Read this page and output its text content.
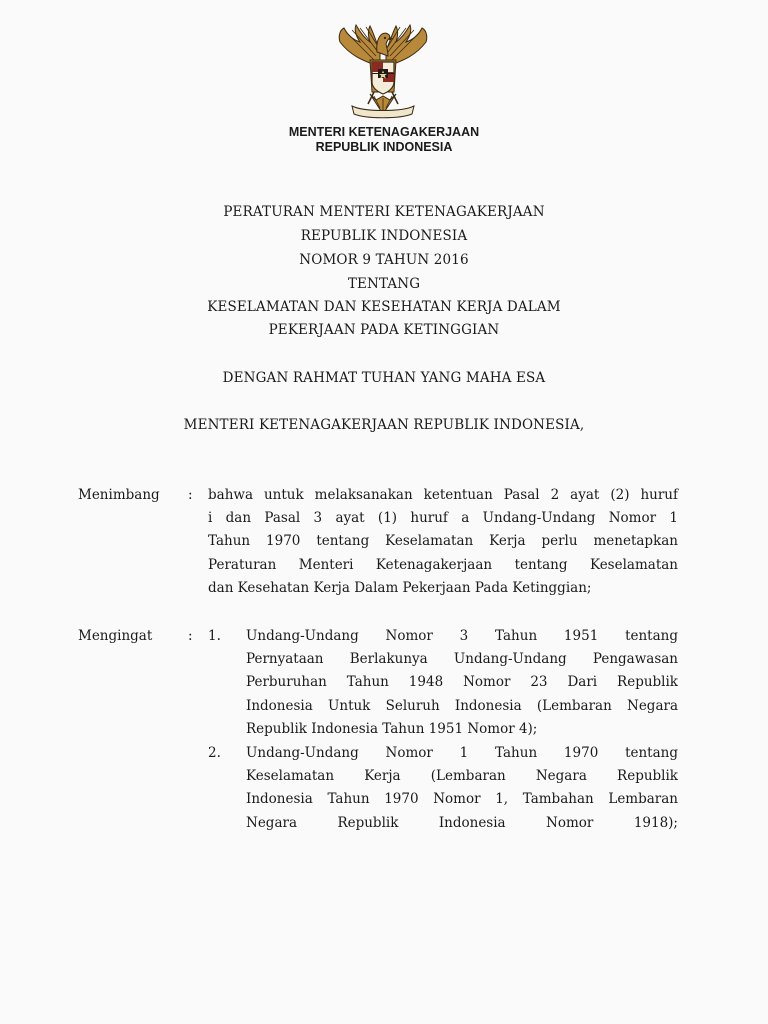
MENTERI KETENAGAKERJAAN
REPUBLIK INDONESIA
PERATURAN MENTERI KETENAGAKERJAAN
REPUBLIK INDONESIA
NOMOR 9 TAHUN 2016
TENTANG
KESELAMATAN DAN KESEHATAN KERJA DALAM
PEKERJAAN PADA KETINGGIAN
DENGAN RAHMAT TUHAN YANG MAHA ESA
MENTERI KETENAGAKERJAAN REPUBLIK INDONESIA,
Menimbang : bahwa untuk melaksanakan ketentuan Pasal 2 ayat (2) huruf
i dan Pasal 3 ayat (1) huruf a Undang-Undang Nomor 1
Tahun 1970 tentang Keselamatan Kerja perlu menetapkan
Peraturan Menteri Ketenagakerjaan tentang Keselamatan
dan Kesehatan Kerja Dalam Pekerjaan Pada Ketinggian;
Mengingat	: 1. Undang-Undang Nomor 3 Tahun 1951 tentang
Pernyataan Berlakunya Undang-Undang Pengawasan
Perburuhan Tahun 1948 Nomor 23 Dari Republik
Indonesia Untuk Seluruh Indonesia (Lembaran Negara
Republik Indonesia Tahun 1951 Nomor 4);
2. Undang-Undang Nomor 1 Tahun 1970 tentang
Keselamatan Kerja (Lembaran Negara Republik
Indonesia Tahun 1970 Nomor 1, Tambahan Lembaran
Negara Republik Indonesia Nomor 1918);
